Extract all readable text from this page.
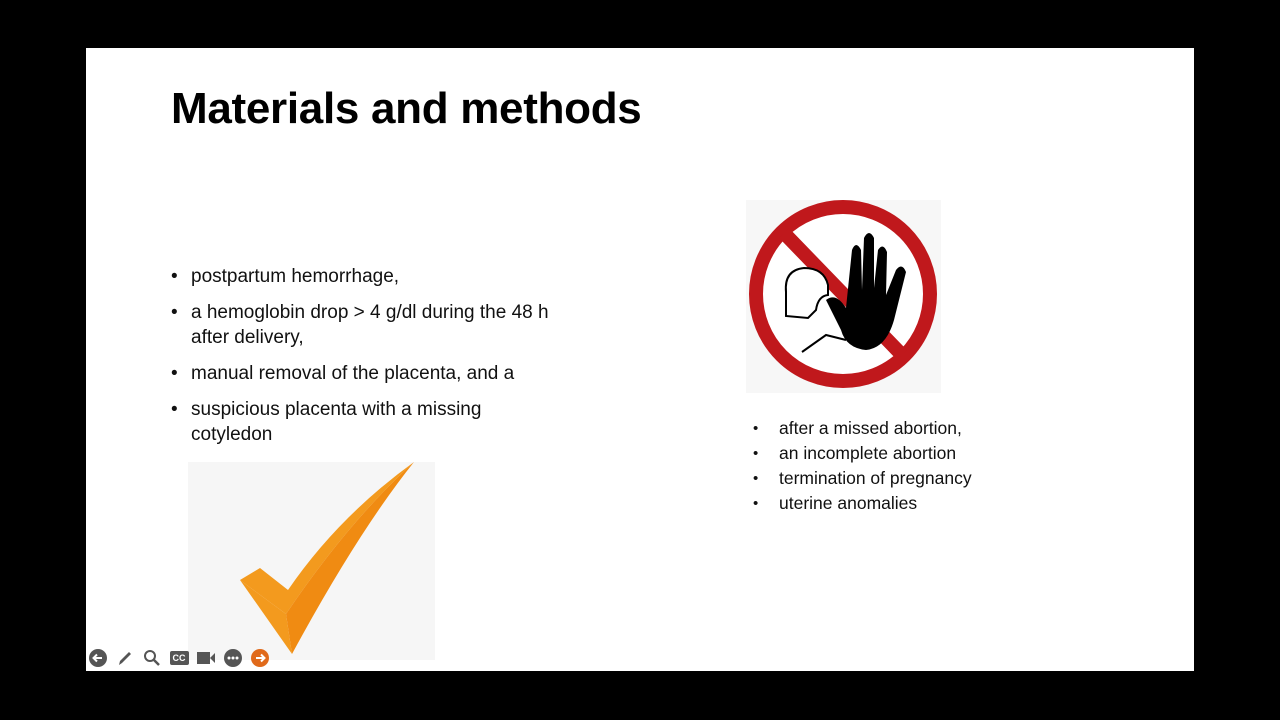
Materials and methods
• postpartum hemorrhage,
• a hemoglobin drop > 4 g/dl during the 48 h after delivery,
• manual removal of the placenta, and a
• suspicious placenta with a missing cotyledon	• after a missed abortion,
• an incomplete abortion
• termination of pregnancy
• uterine anomalies
CC
